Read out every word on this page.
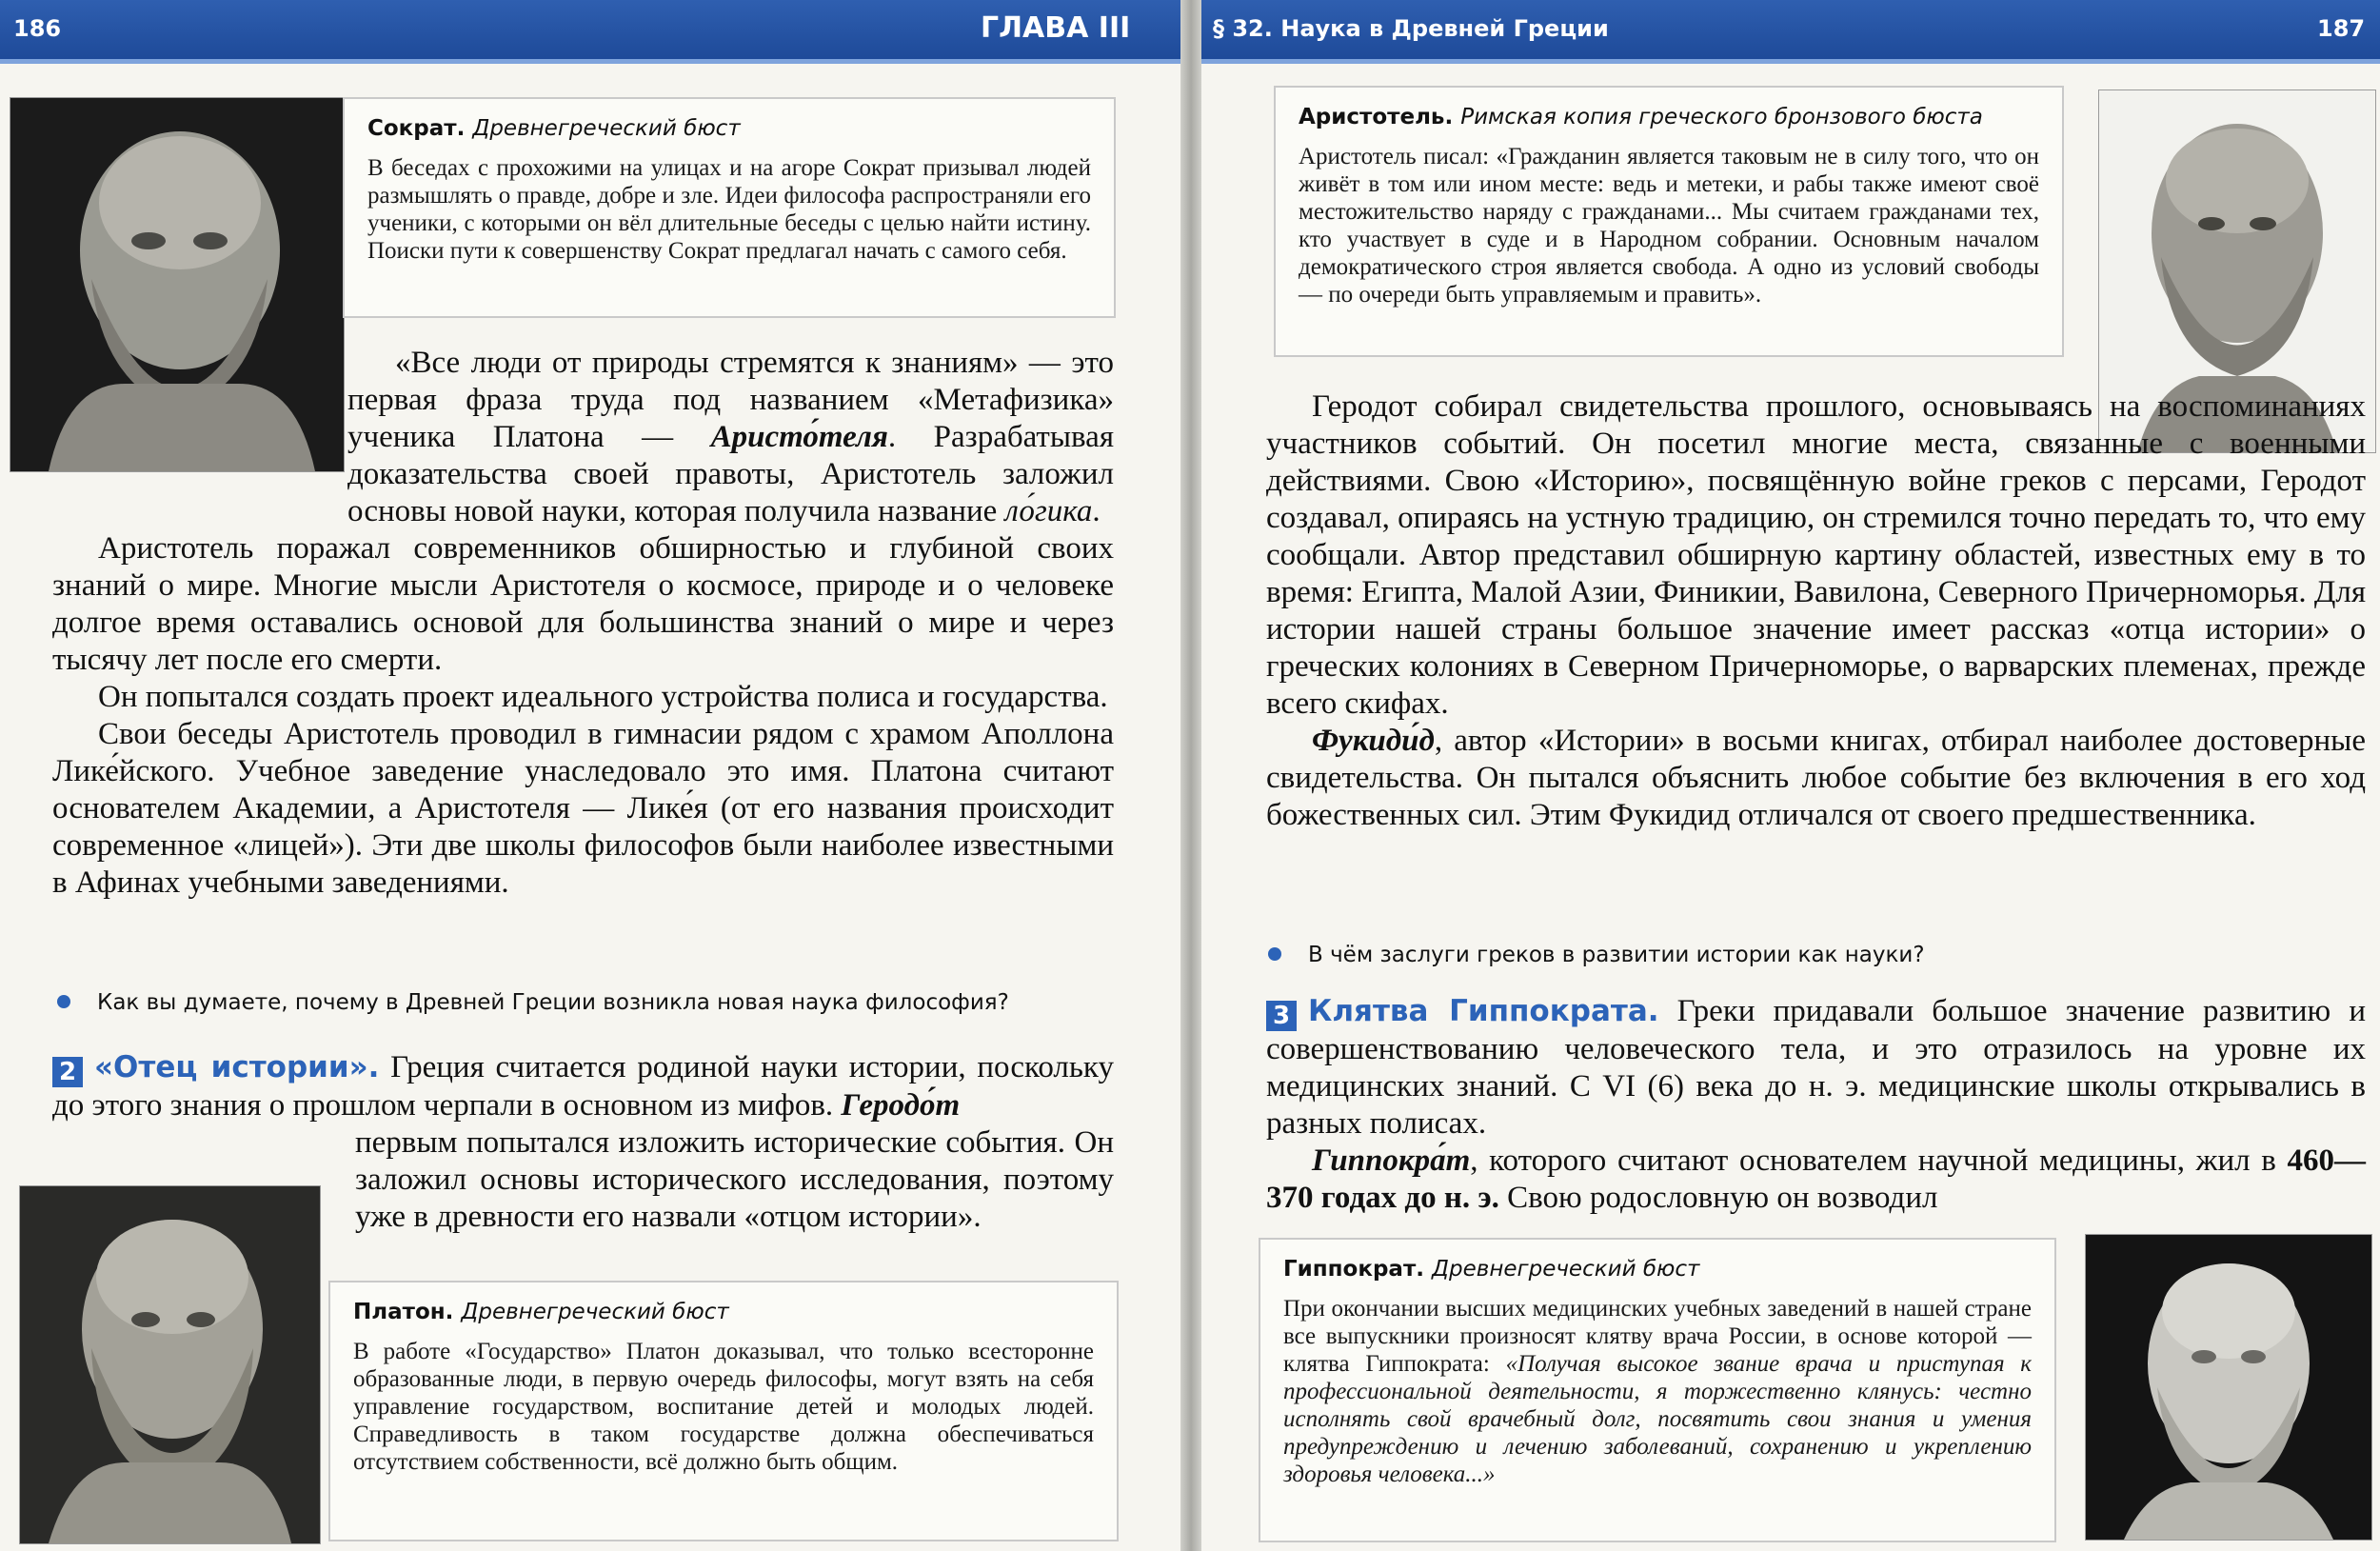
186	ГЛАВА III

Сократ. Древнегреческий бюст

В беседах с прохожими на улицах и на агоре Сократ призывал людей размышлять о правде, добре и зле. Идеи философа распространяли его ученики, с которыми он вёл длительные беседы с целью найти истину. Поиски пути к совершенству Сократ предлагал начать с самого себя.

«Все люди от природы стремятся к знаниям» — это первая фраза труда под названием «Метафизика» ученика Платона — Аристо́теля. Разрабатывая доказательства своей правоты, Аристотель заложил основы новой науки, которая получила название ло́гика.

Аристотель поражал современников обширностью и глубиной своих знаний о мире. Многие мысли Аристотеля о космосе, природе и о человеке долгое время оставались основой для большинства знаний о мире и через тысячу лет после его смерти.

Он попытался создать проект идеального устройства полиса и государства.

Свои беседы Аристотель проводил в гимнасии рядом с храмом Аполлона Лике́йского. Учебное заведение унаследовало это имя. Платона считают основателем Академии, а Аристотеля — Лике́я (от его названия происходит современное «лицей»). Эти две школы философов были наиболее известными в Афинах учебными заведениями.

Как вы думаете, почему в Древней Греции возникла новая наука философия?

2 «Отец истории». Греция считается родиной науки истории, поскольку до этого знания о прошлом черпали в основном из мифов. Геродо́т
первым попытался изложить исторические события. Он заложил основы исторического исследования, поэтому уже в древности его назвали «отцом истории».

Платон. Древнегреческий бюст

В работе «Государство» Платон доказывал, что только всесторонне образованные люди, в первую очередь философы, могут взять на себя управление государством, воспитание детей и молодых людей. Справедливость в таком государстве должна обеспечиваться отсутствием собственности, всё должно быть общим.

§ 32. Наука в Древней Греции	187

Аристотель. Римская копия греческого бронзового бюста

Аристотель писал: «Гражданин является таковым не в силу того, что он живёт в том или ином месте: ведь и метеки, и рабы также имеют своё местожительство наряду с гражданами... Мы считаем гражданами тех, кто участвует в суде и в Народном собрании. Основным началом демократического строя является свобода. А одно из условий свободы — по очереди быть управляемым и править».

Геродот собирал свидетельства прошлого, основываясь на воспоминаниях участников событий. Он посетил многие места, связанные с военными действиями. Свою «Историю», посвящённую войне греков с персами, Геродот создавал, опираясь на устную традицию, он стремился точно передать то, что ему сообщали. Автор представил обширную картину областей, известных ему в то время: Египта, Малой Азии, Финикии, Вавилона, Северного Причерноморья. Для истории нашей страны большое значение имеет рассказ «отца истории» о греческих колониях в Северном Причерноморье, о варварских племенах, прежде всего скифах.

Фукиди́д, автор «Истории» в восьми книгах, отбирал наиболее достоверные свидетельства. Он пытался объяснить любое событие без включения в его ход божественных сил. Этим Фукидид отличался от своего предшественника.

В чём заслуги греков в развитии истории как науки?

3 Клятва Гиппократа. Греки придавали большое значение развитию и совершенствованию человеческого тела, и это отразилось на уровне их медицинских знаний. С VI (6) века до н. э. медицинские школы открывались в разных полисах.

Гиппокра́т, которого считают основателем научной медицины, жил в 460—370 годах до н. э. Свою родословную он возводил

Гиппократ. Древнегреческий бюст

При окончании высших медицинских учебных заведений в нашей стране все выпускники произносят клятву врача России, в основе которой — клятва Гиппократа: «Получая высокое звание врача и приступая к профессиональной деятельности, я торжественно клянусь: честно исполнять свой врачебный долг, посвятить свои знания и умения предупреждению и лечению заболеваний, сохранению и укреплению здоровья человека...»
